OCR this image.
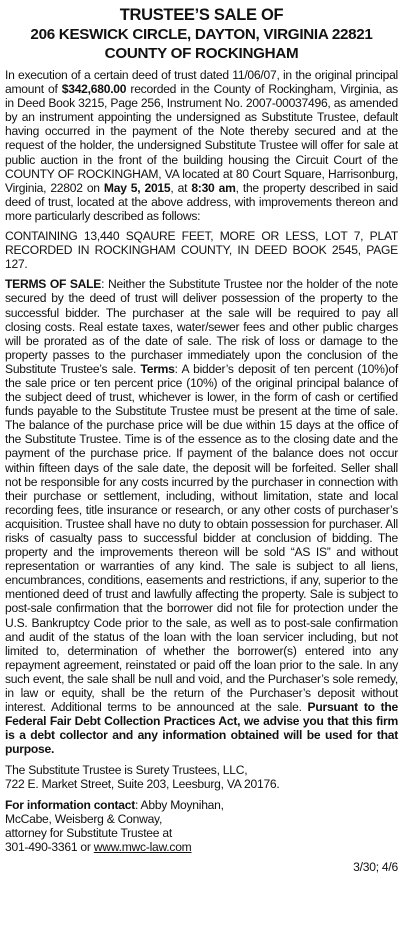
TRUSTEE’S SALE OF
206 KESWICK CIRCLE, DAYTON, VIRGINIA 22821
COUNTY OF ROCKINGHAM

In execution of a certain deed of trust dated 11/06/07, in the original principal amount of $342,680.00 recorded in the County of Rockingham, Virginia, as in Deed Book 3215, Page 256, Instrument No. 2007-00037496, as amended by an instrument appointing the undersigned as Substitute Trustee, default having occurred in the payment of the Note thereby secured and at the request of the holder, the undersigned Substitute Trustee will offer for sale at public auction in the front of the building housing the Circuit Court of the COUNTY OF ROCKINGHAM, VA located at 80 Court Square, Harrisonburg, Virginia, 22802 on May 5, 2015, at 8:30 am, the property described in said deed of trust, located at the above address, with improvements thereon and more particularly described as follows:

CONTAINING 13,440 SQAURE FEET, MORE OR LESS, LOT 7, PLAT RECORDED IN ROCKINGHAM COUNTY, IN DEED BOOK 2545, PAGE 127.

TERMS OF SALE: Neither the Substitute Trustee nor the holder of the note secured by the deed of trust will deliver possession of the property to the successful bidder. The purchaser at the sale will be required to pay all closing costs. Real estate taxes, water/sewer fees and other public charges will be prorated as of the date of sale. The risk of loss or damage to the property passes to the purchaser immediately upon the conclusion of the Substitute Trustee’s sale. Terms: A bidder’s deposit of ten percent (10%)of the sale price or ten percent price (10%) of the original principal balance of the subject deed of trust, whichever is lower, in the form of cash or certified funds payable to the Substitute Trustee must be present at the time of sale. The balance of the purchase price will be due within 15 days at the office of the Substitute Trustee. Time is of the essence as to the closing date and the payment of the purchase price. If payment of the balance does not occur within fifteen days of the sale date, the deposit will be forfeited. Seller shall not be responsible for any costs incurred by the purchaser in connection with their purchase or settlement, including, without limitation, state and local recording fees, title insurance or research, or any other costs of purchaser’s acquisition. Trustee shall have no duty to obtain possession for purchaser. All risks of casualty pass to successful bidder at conclusion of bidding. The property and the improvements thereon will be sold “AS IS” and without representation or warranties of any kind. The sale is subject to all liens, encumbrances, conditions, easements and restrictions, if any, superior to the mentioned deed of trust and lawfully affecting the property. Sale is subject to post-sale confirmation that the borrower did not file for protection under the U.S. Bankruptcy Code prior to the sale, as well as to post-sale confirmation and audit of the status of the loan with the loan servicer including, but not limited to, determination of whether the borrower(s) entered into any repayment agreement, reinstated or paid off the loan prior to the sale. In any such event, the sale shall be null and void, and the Purchaser’s sole remedy, in law or equity, shall be the return of the Purchaser’s deposit without interest. Additional terms to be announced at the sale. Pursuant to the Federal Fair Debt Collection Practices Act, we advise you that this firm is a debt collector and any information obtained will be used for that purpose.

The Substitute Trustee is Surety Trustees, LLC,

722 E. Market Street, Suite 203, Leesburg, VA 20176.

For information contact: Abby Moynihan,

McCabe, Weisberg & Conway,

attorney for Substitute Trustee at

301-490-3361 or www.mwc-law.com

3/30; 4/6
